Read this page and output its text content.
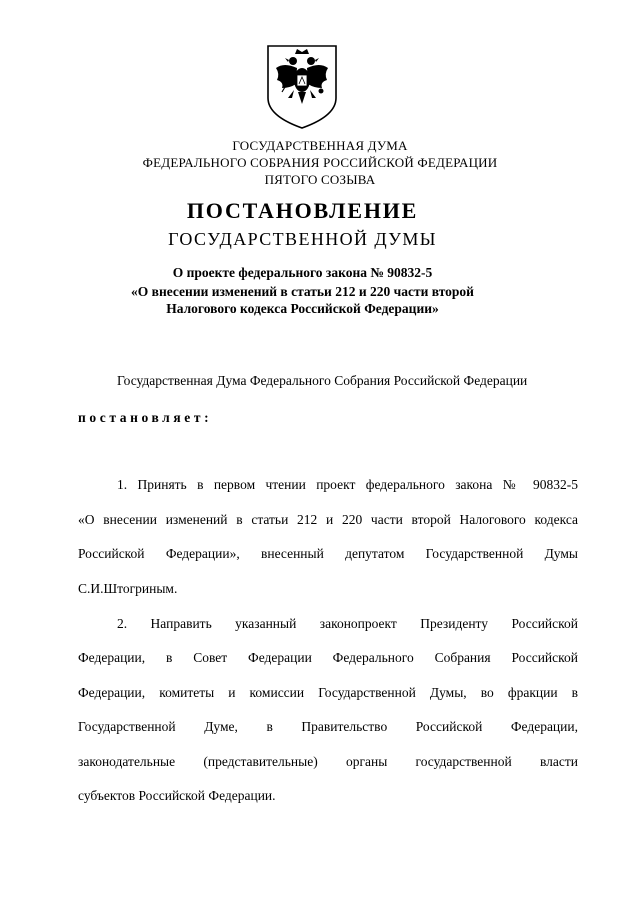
ГОСУДАРСТВЕННАЯ ДУМА
ФЕДЕРАЛЬНОГО СОБРАНИЯ РОССИЙСКОЙ ФЕДЕРАЦИИ
ПЯТОГО СОЗЫВА
ПОСТАНОВЛЕНИЕ
ГОСУДАРСТВЕННОЙ ДУМЫ
О проекте федерального закона № 90832-5
«О внесении изменений в статьи 212 и 220 части второй
Налогового кодекса Российской Федерации»
Государственная Дума Федерального Собрания Российской Федерации
постановляет:
1. Принять в первом чтении проект федерального закона № 90832-5
«О внесении изменений в статьи 212 и 220 части второй Налогового кодекса
Российской Федерации», внесенный депутатом Государственной Думы
С.И.Штогриным.
2. Направить указанный законопроект Президенту Российской
Федерации, в Совет Федерации Федерального Собрания Российской
Федерации, комитеты и комиссии Государственной Думы, во фракции в
Государственной Думе, в Правительство Российской Федерации,
законодательные (представительные) органы государственной власти
субъектов Российской Федерации.
